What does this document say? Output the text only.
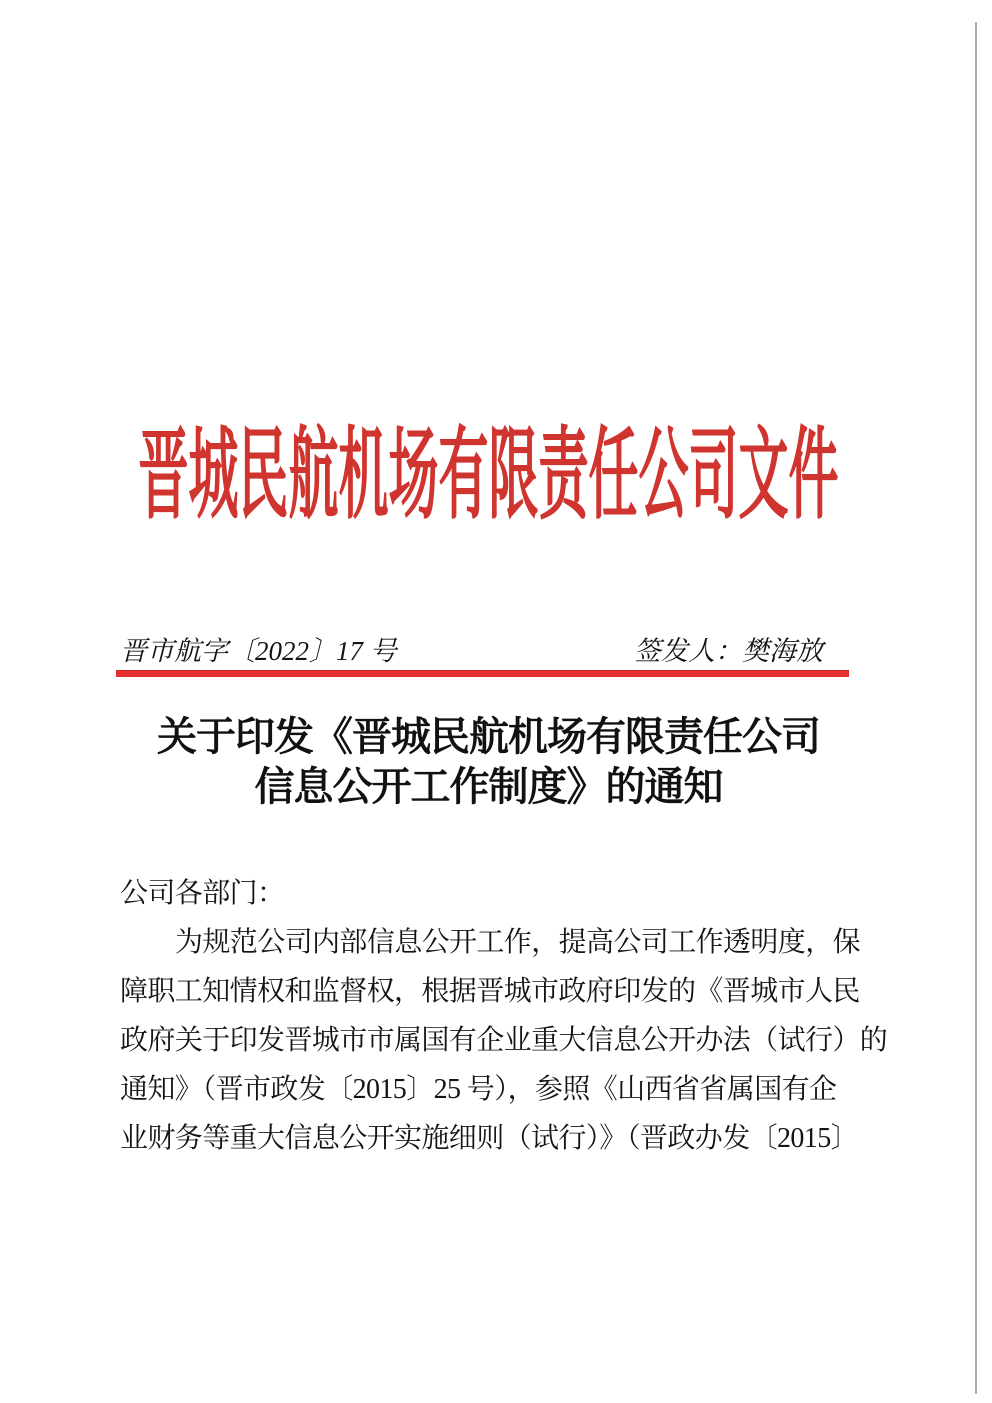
晋城民航机场有限责任公司文件
晋市航字〔2022〕17 号	签发人：樊海放
关于印发《晋城民航机场有限责任公司
信息公开工作制度》的通知
公司各部门：
为规范公司内部信息公开工作，提高公司工作透明度，保
障职工知情权和监督权，根据晋城市政府印发的《晋城市人民
政府关于印发晋城市市属国有企业重大信息公开办法（试行）的
通知》（晋市政发〔2015〕25 号），参照《山西省省属国有企
业财务等重大信息公开实施细则（试行）》（晋政办发〔2015〕
